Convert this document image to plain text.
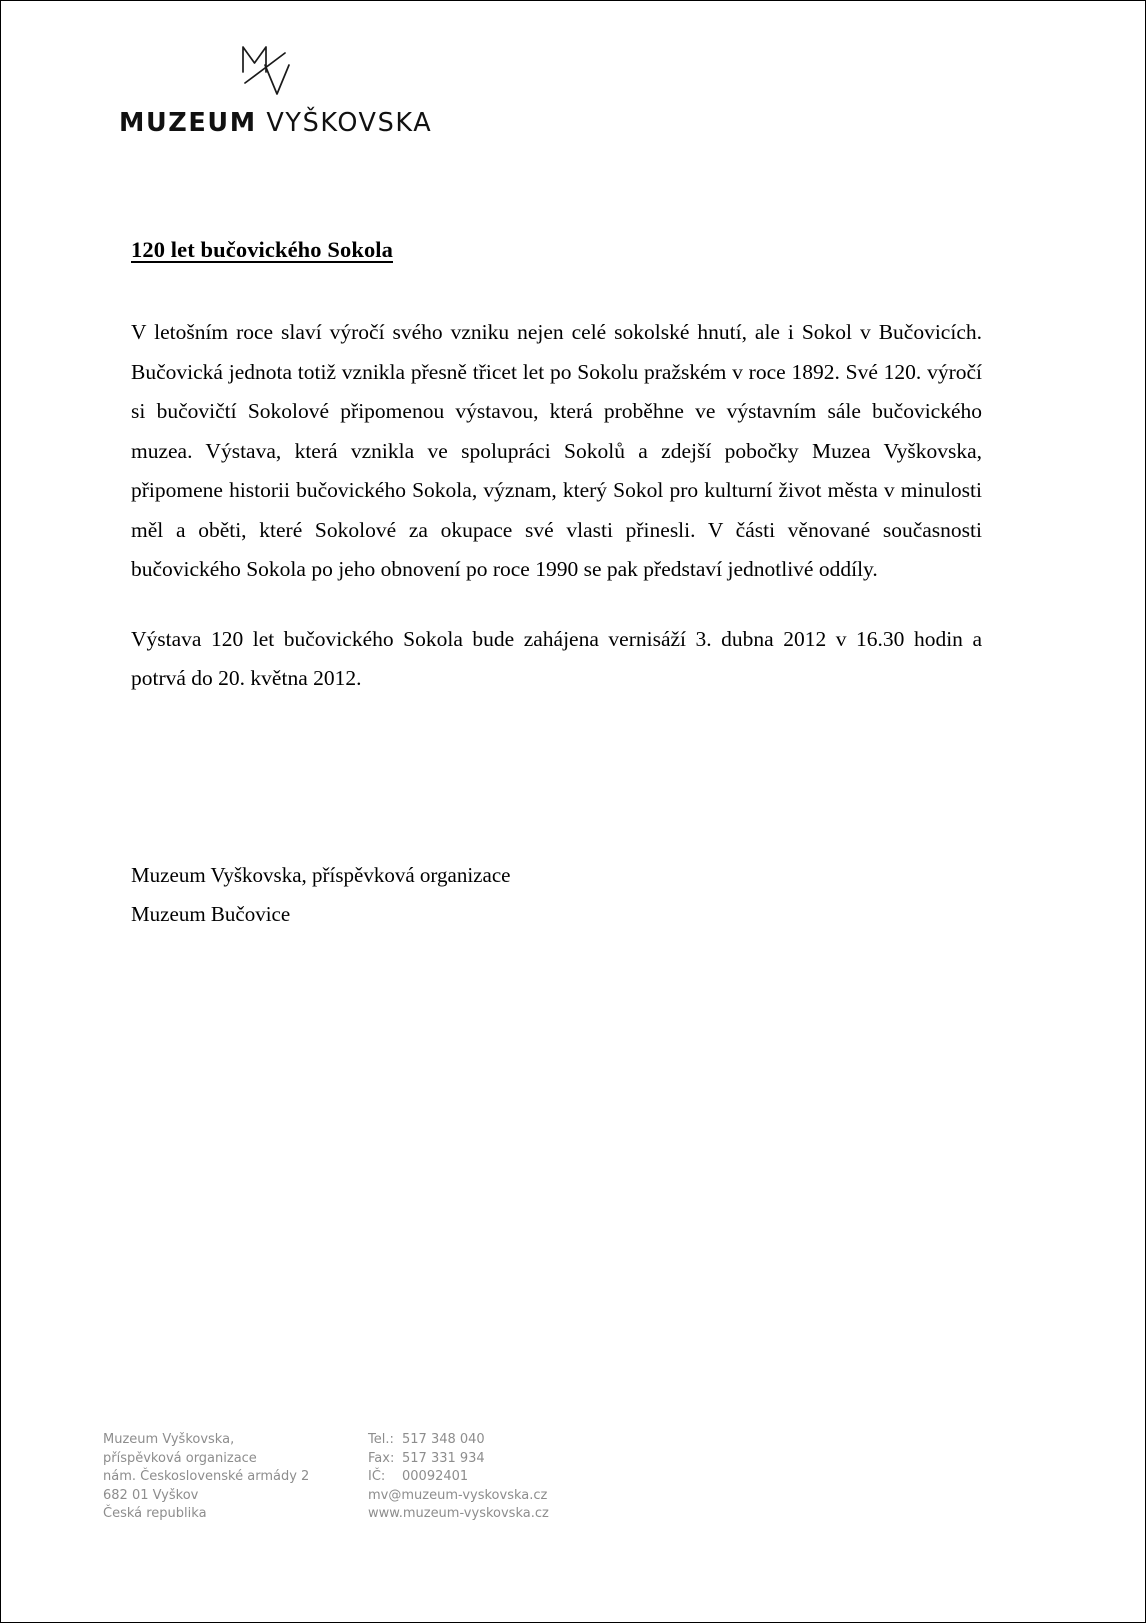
MUZEUM VYŠKOVSKA
120 let bučovického Sokola

V letošním roce slaví výročí svého vzniku nejen celé sokolské hnutí, ale i Sokol v Bučovicích. Bučovická jednota totiž vznikla přesně třicet let po Sokolu pražském v roce 1892. Své 120. výročí si bučovičtí Sokolové připomenou výstavou, která proběhne ve výstavním sále bučovického muzea. Výstava, která vznikla ve spolupráci Sokolů a zdejší pobočky Muzea Vyškovska, připomene historii bučovického Sokola, význam, který Sokol pro kulturní život města v minulosti měl a oběti, které Sokolové za okupace své vlasti přinesli. V části věnované současnosti bučovického Sokola po jeho obnovení po roce 1990 se pak představí jednotlivé oddíly.

Výstava 120 let bučovického Sokola bude zahájena vernisáží 3. dubna 2012 v 16.30 hodin a potrvá do 20. května 2012.

Muzeum Vyškovska, příspěvková organizace
Muzeum Bučovice
Muzeum Vyškovska,
příspěvková organizace
nám. Československé armády 2
682 01 Vyškov
Česká republika
Tel.: 517 348 040
Fax: 517 331 934
IČ: 00092401
mv@muzeum-vyskovska.cz
www.muzeum-vyskovska.cz
